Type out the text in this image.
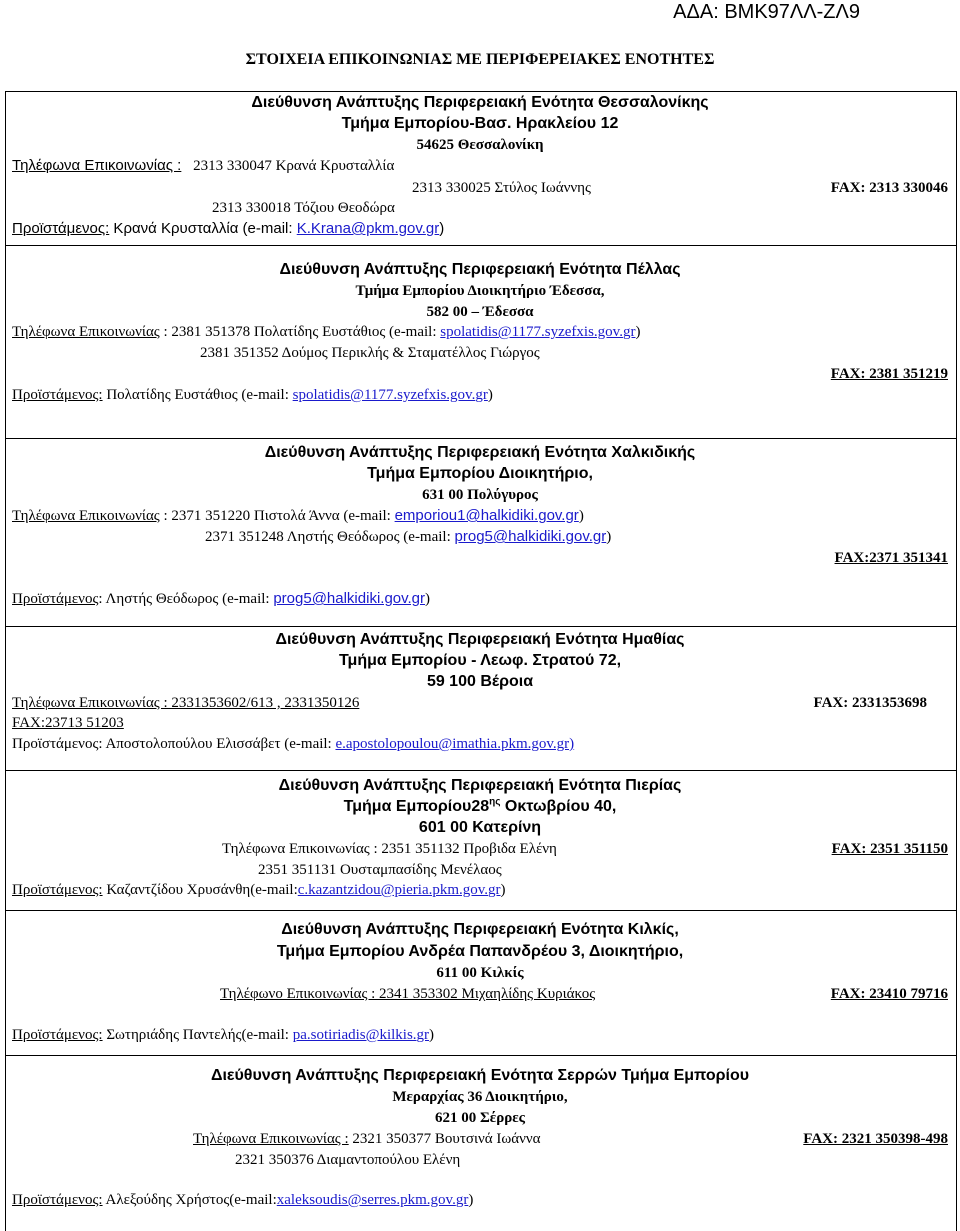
ΑΔΑ: ΒΜΚ97ΛΛ-ΖΛ9
ΣΤΟΙΧΕΙΑ ΕΠΙΚΟΙΝΩΝΙΑΣ ΜΕ ΠΕΡΙΦΕΡΕΙΑΚΕΣ ΕΝΟΤΗΤΕΣ
Διεύθυνση Ανάπτυξης Περιφερειακή Ενότητα Θεσσαλονίκης
Τμήμα Εμπορίου-Βασ. Ηρακλείου 12
54625 Θεσσαλονίκη
Τηλέφωνα Επικοινωνίας : 2313 330047 Κρανά Κρυσταλλία
2313 330025 Στύλος Ιωάννης	FAX: 2313 330046
2313 330018 Τόζιου Θεοδώρα
Προϊστάμενος: Κρανά Κρυσταλλία (e-mail: K.Krana@pkm.gov.gr)
Διεύθυνση Ανάπτυξης Περιφερειακή Ενότητα Πέλλας
Τμήμα Εμπορίου Διοικητήριο Έδεσσα,
582 00 – Έδεσσα
Τηλέφωνα Επικοινωνίας : 2381 351378 Πολατίδης Ευστάθιος (e-mail: spolatidis@1177.syzefxis.gov.gr)
2381 351352 Δούμος Περικλής & Σταματέλλος Γιώργος
FAX: 2381 351219
Προϊστάμενος: Πολατίδης Ευστάθιος (e-mail: spolatidis@1177.syzefxis.gov.gr)
Διεύθυνση Ανάπτυξης Περιφερειακή Ενότητα Χαλκιδικής
Τμήμα Εμπορίου Διοικητήριο,
631 00 Πολύγυρος
Τηλέφωνα Επικοινωνίας : 2371 351220 Πιστολά Άννα (e-mail: emporiou1@halkidiki.gov.gr)
2371 351248 Ληστής Θεόδωρος (e-mail: prog5@halkidiki.gov.gr)
FAX:2371 351341
Προϊστάμενος: Ληστής Θεόδωρος (e-mail: prog5@halkidiki.gov.gr)
Διεύθυνση Ανάπτυξης Περιφερειακή Ενότητα Ημαθίας
Τμήμα Εμπορίου - Λεωφ. Στρατού 72,
59 100 Βέροια
Τηλέφωνα Επικοινωνίας : 2331353602/613 , 2331350126	FAX: 2331353698
FAX:23713 51203
Προϊστάμενος: Αποστολοπούλου Ελισσάβετ (e-mail: e.apostolopoulou@imathia.pkm.gov.gr)
Διεύθυνση Ανάπτυξης Περιφερειακή Ενότητα Πιερίας
Τμήμα $E\mu\pi o\rho ίo\upsilon 28^{\eta\varsigma}$ Οκτωβρίου 40,
601 00 Κατερίνη
Τηλέφωνα Επικοινωνίας : 2351 351132 Προβιδα Ελένη	FAX: 2351 351150
2351 351131 Ουσταμπασίδης Μενέλαος
Προϊστάμενος: Καζαντζίδου Χρυσάνθη(e-mail:c.kazantzidou@pieria.pkm.gov.gr)
Διεύθυνση Ανάπτυξης Περιφερειακή Ενότητα Κιλκίς,
Τμήμα Εμπορίου Ανδρέα Παπανδρέου 3, Διοικητήριο,
611 00 Κιλκίς
Τηλέφωνο Επικοινωνίας : 2341 353302 Μιχαηλίδης Κυριάκος	FAX: 23410 79716
Προϊστάμενος: Σωτηριάδης Παντελής(e-mail: pa.sotiriadis@kilkis.gr)
Διεύθυνση Ανάπτυξης Περιφερειακή Ενότητα Σερρών Τμήμα Εμπορίου
Μεραρχίας 36 Διοικητήριο,
621 00 Σέρρες
Τηλέφωνα Επικοινωνίας : 2321 350377 Βουτσινά Ιωάννα	FAX: 2321 350398-498
2321 350376 Διαμαντοπούλου Ελένη
Προϊστάμενος: Αλεξούδης Χρήστος(e-mail:xaleksoudis@serres.pkm.gov.gr)
